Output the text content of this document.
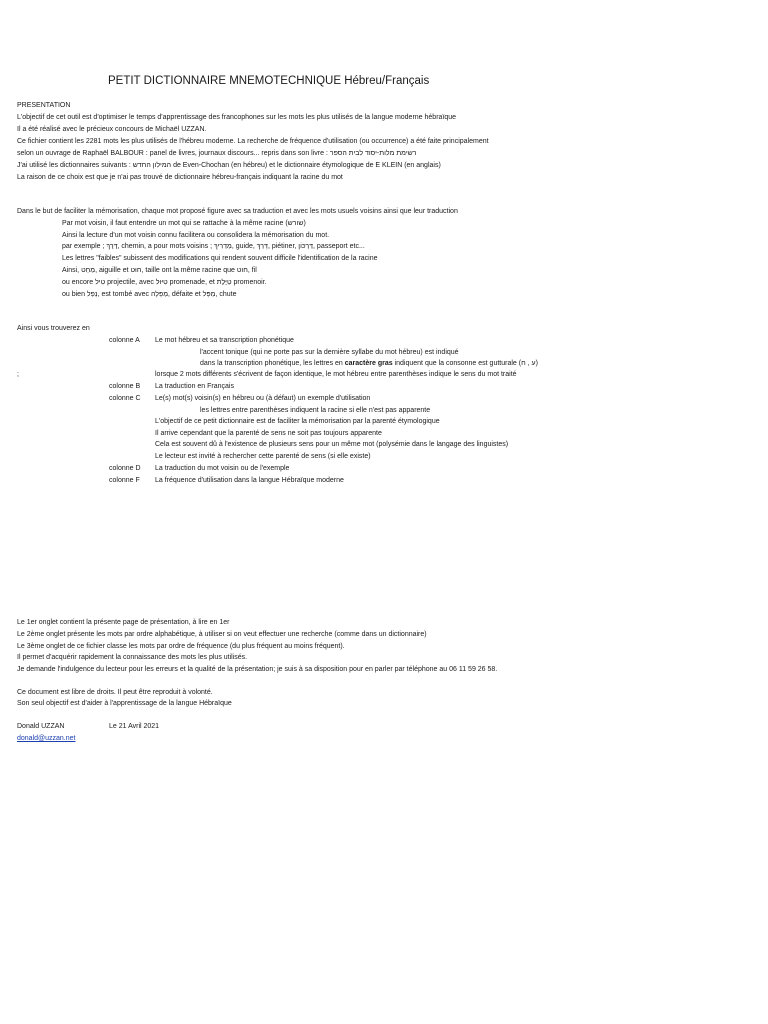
PETIT DICTIONNAIRE MNEMOTECHNIQUE Hébreu/Français
PRESENTATION
L'objectif de cet outil est d'optimiser le temps d'apprentissage des francophones sur les mots les plus utilisés de la langue moderne hébraïque
Il a été réalisé avec le précieux concours de Michaël UZZAN.
Ce fichier contient les 2281 mots les plus utilisés de l'hébreu moderne. La recherche de fréquence d'utilisation (ou occurrence) a été faite principalement
selon un ouvrage de Raphaël BALBOUR : panel de livres, journaux discours... repris dans son livre : רשימת מלות-יסוד לבית הספר
J'ai utilisé les dictionnaires suivants : המילון החדש de Even-Chochan (en hébreu) et le dictionnaire étymologique de E KLEIN (en anglais)
La raison de ce choix est que je n'ai pas trouvé de dictionnaire hébreu-français indiquant la racine du mot
Dans le but de faciliter la mémorisation, chaque mot proposé figure avec sa traduction et avec les mots usuels voisins ainsi que leur traduction
Par mot voisin, il faut entendre un mot qui se rattache à la même racine (שורש)
Ainsi la lecture d'un mot voisin connu facilitera ou consolidera la mémorisation du mot.
par exemple ; דֶּרֶךְ, chemin, a pour mots voisins ; מַדְרִיךְ, guide, דָּרַךְ, piétiner, דַּרְכּוֹן, passeport etc...
Les lettres "faibles" subissent des modifications qui rendent souvent difficile l'identification de la racine
Ainsi, מַחַט, aiguille et חוּט, taille ont la même racine que חוט, fil
ou encore טִיל projectile, avec טִיּוּל promenade, et טַיֶּלֶת promenoir.
ou bien נָפַל, est tombé avec מַפָּלָה, défaite et מַפָּל, chute
Ainsi vous trouverez en
colonne A Le mot hébreu et sa transcription phonétique
l'accent tonique (qui ne porte pas sur la dernière syllabe du mot hébreu) est indiqué
dans la transcription phonétique, les lettres en caractère gras indiquent que la consonne est gutturale (ע , ח)
;	lorsque 2 mots différents s'écrivent de façon identique, le mot hébreu entre parenthèses indique le sens du mot traité
colonne B La traduction en Français
colonne C Le(s) mot(s) voisin(s) en hébreu ou (à défaut) un exemple d'utilisation
les lettres entre parenthèses indiquent la racine si elle n'est pas apparente
L'objectif de ce petit dictionnaire est de faciliter la mémorisation par la parenté étymologique
Il arrive cependant que la parenté de sens ne soit pas toujours apparente
Cela est souvent dû à l'existence de plusieurs sens pour un même mot (polysémie dans le langage des linguistes)
Le lecteur est invité à rechercher cette parenté de sens (si elle existe)
colonne D La traduction du mot voisin ou de l'exemple
colonne F La fréquence d'utilisation dans la langue Hébraïque moderne
Le 1er onglet contient la présente page de présentation, à lire en 1er
Le 2ème onglet présente les mots par ordre alphabétique, à utiliser si on veut effectuer une recherche (comme dans un dictionnaire)
Le 3ème onglet de ce fichier classe les mots par ordre de fréquence (du plus fréquent au moins fréquent).
Il permet d'acquérir rapidement la connaissance des mots les plus utilisés.
Je demande l'indulgence du lecteur pour les erreurs et la qualité de la présentation; je suis à sa disposition pour en parler par téléphone au 06 11 59 26 58.
Ce document est libre de droits. Il peut être reproduit à volonté.
Son seul objectif est d'aider à l'apprentissage de la langue Hébraïque
Donald UZZAN	Le 21 Avril 2021
donald@uzzan.net
